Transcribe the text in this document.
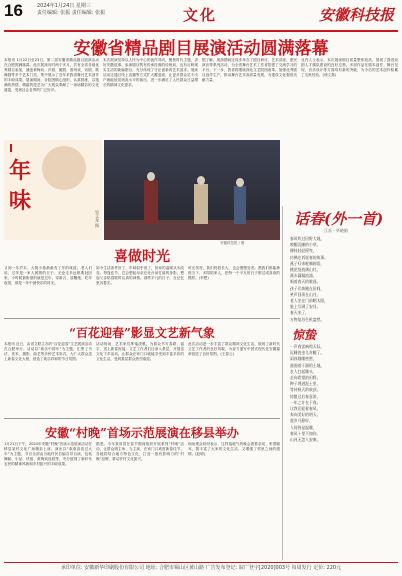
16	2024年1月24日 星期三
责任编辑: 张振 责任编辑: 张振	文化	安徽科技报
安徽省精品剧目展演活动圆满落幕
本报讯 1月22日至23日，第二届安徽省精品剧目展演活动在合肥圆满落幕。此次展演历时两个多月，共有全省各地优秀剧目参加，涵盖黄梅戏、庐剧、徽剧、泗州戏、话剧、歌舞剧等多个艺术门类，集中展示了近年来我省舞台艺术创作的丰硕成果。展演期间，各院团精心组织、认真排练，以饱满的热情、精湛的技艺为广大观众奉献了一场场精彩的文化盛宴，受到社会各界的广泛好评。
本次展演坚持以人民为中心的创作导向，聚焦时代主题，讲好安徽故事。参演剧目既有传承经典的传统戏，也有反映现实生活的新编剧目，充分体现了守正创新的艺术追求。展演活动还通过线上直播等方式扩大覆盖面，让更多群众足不出户就能欣赏到高水平的演出，进一步满足了人民群众日益增长的精神文化需求。
据了解，展演期间还同步举办了剧目研讨、艺术讲座、惠民演出等系列活动，为全省舞台艺术工作者搭建了交流学习的平台。下一步，我省将继续深化文艺院团改革，加强优秀剧目创作生产，推动舞台艺术高质量发展，为建设文化强省贡献力量。
业内人士表示，本次展演剧目质量整体较高，展现了我省戏剧人才梯队建设的良好态势。多部作品在剧本创作、舞台呈现、音乐设计等方面均有新的突破，为今后的艺术创作积累了宝贵经验。(徐文燕)
年
味
吴文龙 摄
安徽科技报 / 图
喜做时光
又到一年岁末，大街小巷渐渐有了年的味道。老人们说，过年是一家人团圆的日子，无论走多远都要赶回家。小时候最盼望的就是过年，穿新衣、放鞭炮、吃年夜饭，那是一年中最快乐的时光。
如今生活条件好了，年味似乎淡了，但家的温暖从未改变。每逢佳节，总会想起母亲在灶台前忙碌的身影，想起父亲贴春联时认真的神情。那些平凡的日子，在记忆里闪着光。
时光匆匆，我们终将长大，也会慢慢变老。愿我们都能珍惜当下，多陪陪家人，把每一个平凡的日子都过成喜欢的模样。(李想)
“百花迎春”影显文艺新气象
本报讯 近日，由省文联主办的“百花迎春”文艺展演活动在合肥举行。活动以“欢乐中国年”为主题，汇集了书法、美术、摄影、曲艺等多种艺术形式，为广大群众送上新春文化大餐，营造了欢乐祥和的节日氛围。
活动现场，艺术家们挥毫泼墨，为群众书写春联、福字，送上新春祝福。文艺工作者们还深入基层，开展送文化下乡活动，让群众在家门口就能享受到丰富多彩的文化生活，受到基层群众热烈欢迎。
此次活动进一步丰富了群众精神文化生活，展现了新时代文艺工作者的良好风貌，为奋力谱写中国式现代化安徽篇章营造了良好氛围。(王春云)
安徽“村晚”首场示范展演在移县举办
1月21日下午，2024年安徽“村晚”首场示范展演活动在移县某村文化广场精彩上演。演出以“欢欢喜喜过大年”为主题，节目全部由当地村民自编自导自演，包括舞蹈、小品、快板、黄梅戏选段等，充分展现了新时代农民的精神风貌和乡村振兴的丰硕成果。
据悉，今年我省将在春节期间组织开展系列“村晚”活动，让群众唱主角、当主演，在家门口欢度新春佳节。各地将结合地方特色文化，打造一批有影响力的“村晚”品牌，推动乡村文化振兴。
现场观众纷纷表示，这样接地气的晚会看着亲切、听着顺耳，既丰富了大家的文化生活，又增强了邻里之间的感情。(赵明)
话春(外一首)
江苏 · 华晓娟
春风吹过田野大地，
唤醒沉睡的小草。
柳枝轻轻摇曳，
仿佛在诉说春的故事。
燕子归来呢喃细语，
桃花绽放满山红。
溪水潺潺流淌，
唱着春天的歌谣。
孩子们奔跑在田间，
笑声回荡在山谷。
老人坐在门前晒太阳，
脸上写满了安详。
春天来了，
万物复苏生机盎然。
惊蛰
一声春雷响彻天际，
沉睡的虫儿苏醒了。
雨丝细细密密，
滋润着干涸的土地。
农人扛起锄头，
走向希望的田野。
种子埋进泥土里，
等待秋天的收获。
惊蛰过后春意浓，
一年之计在于春。
让我们迎着春风，
奔向美好的明天。
愿岁月静好，
人间皆是温暖。
春风十里不如你，
山河无恙人安康。
承印单位: 安徽新华印刷股份有限公司 地址: 合肥市蜀山区黄山路 广告发布登记: 皖广登字[2020]003号 每周发行 定价: 220元
